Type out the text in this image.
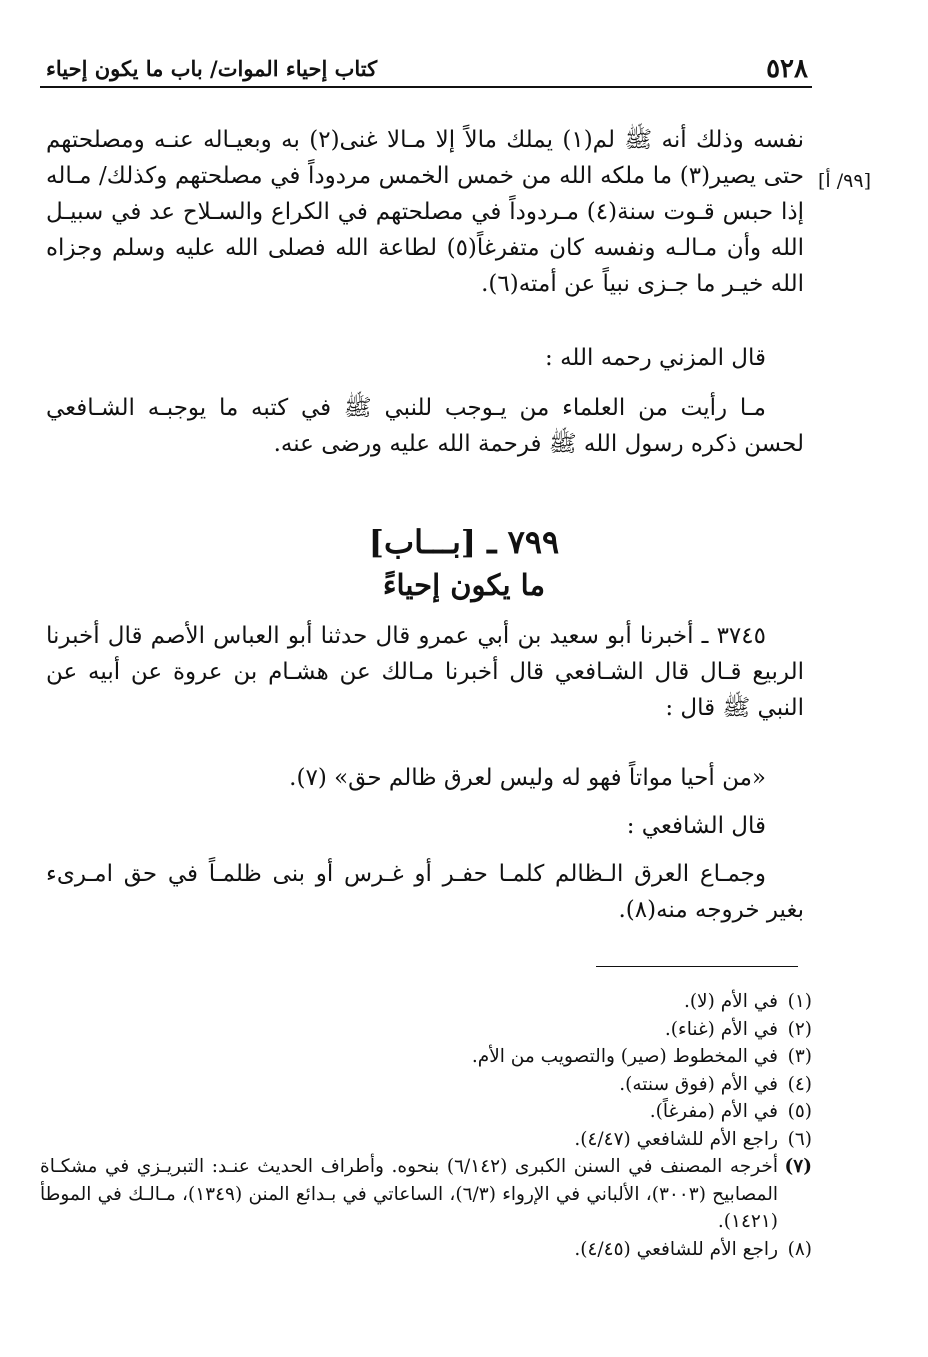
٥٢٨
كتاب إحياء الموات/ باب ما يكون إحياء
[٩٩/ أ]
نفسه وذلك أنه ﷺ لم(١) يملك مالاً إلا مـالا غنى(٢) به وبعيـاله عنـه ومصلحتهم حتى يصير(٣) ما ملكه الله من خمس الخمس مردوداً في مصلحتهم وكذلك/ مـاله إذا حبس قـوت سنة(٤) مـردوداً في مصلحتهم في الكراع والسـلاح عد في سبيـل الله وأن مـالـه ونفسه كان متفرغاً(٥) لطاعة الله فصلى الله عليه وسلم وجزاه الله خيـر ما جـزى نبياً عن أمته(٦).
قال المزني رحمه الله :
مـا رأيت من العلماء من يـوجب للنبي ﷺ في كتبه ما يوجبـه الشـافعي لحسن ذكره رسول الله ﷺ فرحمة الله عليه ورضى عنه.
٧٩٩ ـ [بـــاب]
ما يكون إحياءً
٣٧٤٥ ـ أخبرنا أبو سعيد بن أبي عمرو قال حدثنا أبو العباس الأصم قال أخبرنا الربيع قـال قال الشـافعي قال أخبرنا مـالك عن هشـام بن عروة عن أبيه عن النبي ﷺ قال :
«من أحيا مواتاً فهو له وليس لعرق ظالم حق» (٧).
قال الشافعي :
وجمـاع العرق الـظالم كلمـا حفـر أو غـرس أو بنى ظلمـاً في حق امـرىء بغير خروجه منه(٨).
(١)
في الأم (لا).
(٢)
في الأم (غناء).
(٣)
في المخطوط (صير) والتصويب من الأم.
(٤)
في الأم (فوق سنته).
(٥)
في الأم (مفرغاً).
(٦)
راجع الأم للشافعي (٤/٤٧).
(٧)
أخرجه المصنف في السنن الكبرى (٦/١٤٢) بنحوه. وأطراف الحديث عنـد: التبريـزي في مشكـاة المصابيح (٣٠٠٣)، الألباني في الإرواء (٦/٣)، الساعاتي في بـدائع المنن (١٣٤٩)، مـالـك في الموطأ (١٤٢١).
(٨)
راجع الأم للشافعي (٤/٤٥).
